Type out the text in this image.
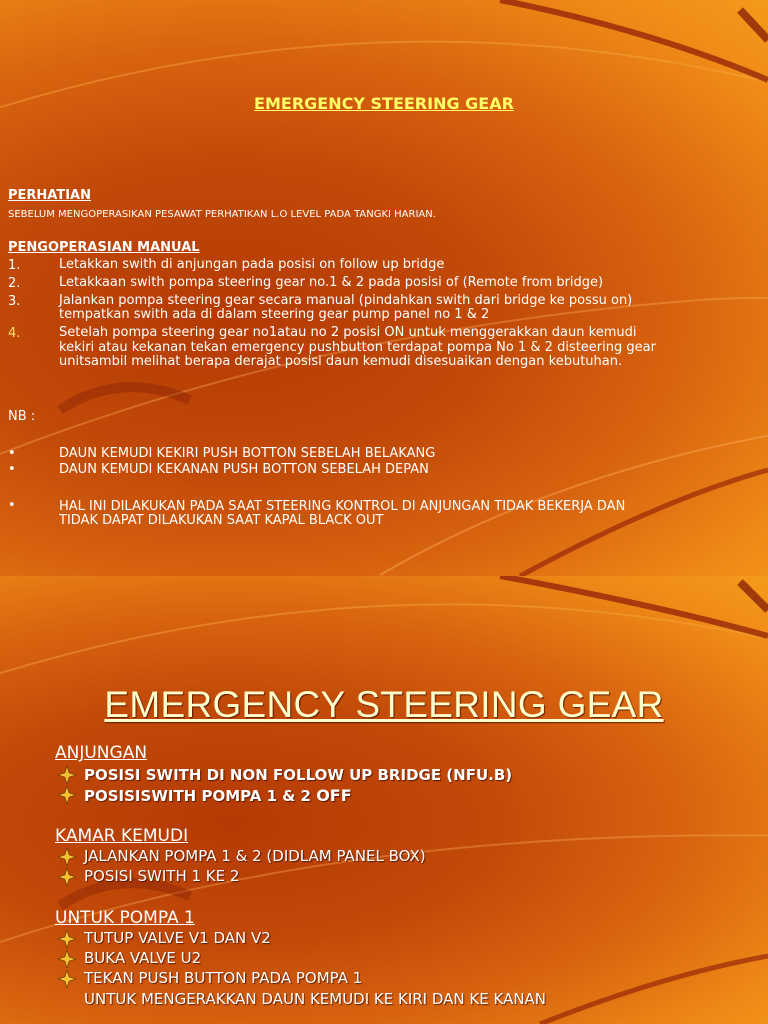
EMERGENCY STEERING GEAR
PERHATIAN
SEBELUM MENGOPERASIKAN PESAWAT PERHATIKAN L.O LEVEL PADA TANGKI HARIAN.
PENGOPERASIAN MANUAL
1.	Letakkan swith di anjungan pada posisi on follow up bridge
2.	Letakkaan swith pompa steering gear no.1 & 2 pada posisi of (Remote from bridge)
3.	Jalankan pompa steering gear secara manual (pindahkan swith dari bridge ke possu on)
tempatkan swith ada di dalam steering gear pump panel no 1 & 2
4.	Setelah pompa steering gear no1atau no 2 posisi ON untuk menggerakkan daun kemudi
kekiri atau kekanan tekan emergency pushbutton terdapat pompa No 1 & 2 disteering gear
unitsambil melihat berapa derajat posisi daun kemudi disesuaikan dengan kebutuhan.
NB :
•	DAUN KEMUDI KEKIRI PUSH BOTTON SEBELAH BELAKANG
•	DAUN KEMUDI KEKANAN PUSH BOTTON SEBELAH DEPAN
•	HAL INI DILAKUKAN PADA SAAT STEERING KONTROL DI ANJUNGAN TIDAK BEKERJA DAN
TIDAK DAPAT DILAKUKAN SAAT KAPAL BLACK OUT
EMERGENCY STEERING GEAR
ANJUNGAN
POSISI SWITH DI NON FOLLOW UP BRIDGE (NFU.B)
POSISISWITH POMPA 1 & 2 OFF
KAMAR KEMUDI
JALANKAN POMPA 1 & 2 (DIDLAM PANEL BOX)
POSISI SWITH 1 KE 2
UNTUK POMPA 1
TUTUP VALVE V1 DAN V2
BUKA VALVE U2
TEKAN PUSH BUTTON PADA POMPA 1
UNTUK MENGERAKKAN DAUN KEMUDI KE KIRI DAN KE KANAN
